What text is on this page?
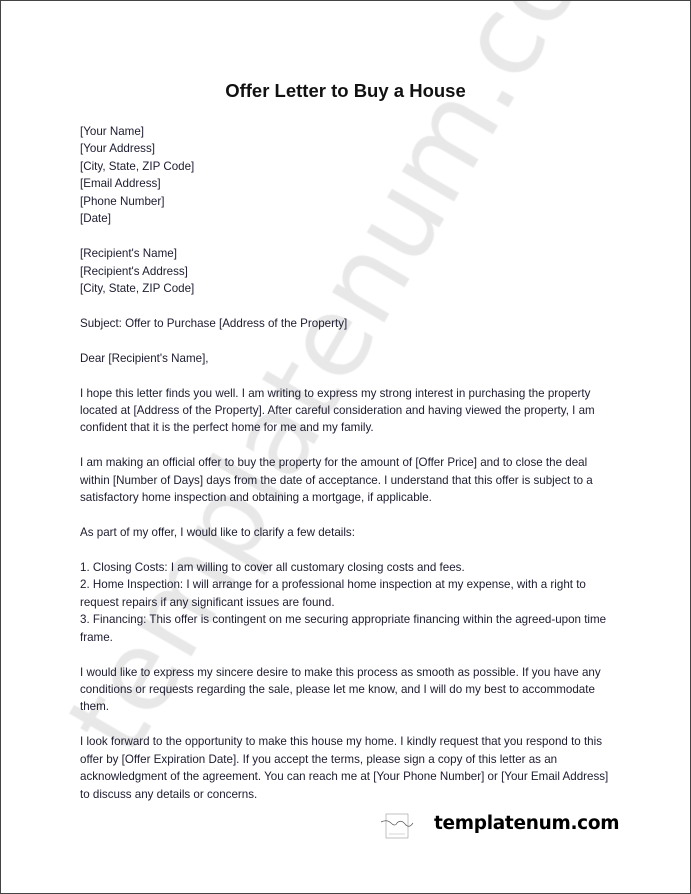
Offer Letter to Buy a House

[Your Name]

[Your Address]

[City, State, ZIP Code]

[Email Address]

[Phone Number]

[Date]

[Recipient's Name]

[Recipient's Address]

[City, State, ZIP Code]

Subject: Offer to Purchase [Address of the Property]

Dear [Recipient's Name],

I hope this letter finds you well. I am writing to express my strong interest in purchasing the property

located at [Address of the Property]. After careful consideration and having viewed the property, I am

confident that it is the perfect home for me and my family.

I am making an official offer to buy the property for the amount of [Offer Price] and to close the deal

within [Number of Days] days from the date of acceptance. I understand that this offer is subject to a

satisfactory home inspection and obtaining a mortgage, if applicable.

As part of my offer, I would like to clarify a few details:

1. Closing Costs: I am willing to cover all customary closing costs and fees.

2. Home Inspection: I will arrange for a professional home inspection at my expense, with a right to

request repairs if any significant issues are found.

3. Financing: This offer is contingent on me securing appropriate financing within the agreed-upon time

frame.

I would like to express my sincere desire to make this process as smooth as possible. If you have any

conditions or requests regarding the sale, please let me know, and I will do my best to accommodate

them.

I look forward to the opportunity to make this house my home. I kindly request that you respond to this

offer by [Offer Expiration Date]. If you accept the terms, please sign a copy of this letter as an

acknowledgment of the agreement. You can reach me at [Your Phone Number] or [Your Email Address]

to discuss any details or concerns.

templatenum.com
